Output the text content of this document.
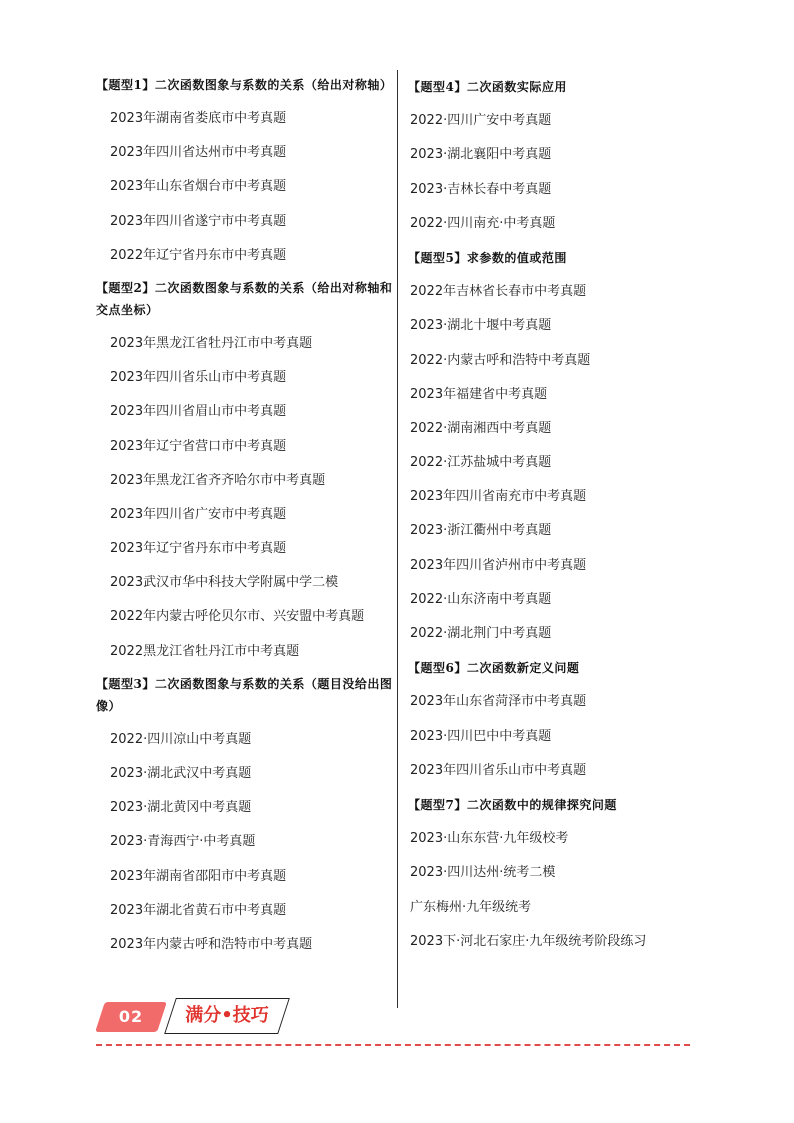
【题型1】二次函数图象与系数的关系（给出对称轴）
2023年湖南省娄底市中考真题
2023年四川省达州市中考真题
2023年山东省烟台市中考真题
2023年四川省遂宁市中考真题
2022年辽宁省丹东市中考真题
【题型2】二次函数图象与系数的关系（给出对称轴和交点坐标）
2023年黑龙江省牡丹江市中考真题
2023年四川省乐山市中考真题
2023年四川省眉山市中考真题
2023年辽宁省营口市中考真题
2023年黑龙江省齐齐哈尔市中考真题
2023年四川省广安市中考真题
2023年辽宁省丹东市中考真题
2023武汉市华中科技大学附属中学二模
2022年内蒙古呼伦贝尔市、兴安盟中考真题
2022黑龙江省牡丹江市中考真题
【题型3】二次函数图象与系数的关系（题目没给出图像）
2022·四川凉山中考真题
2023·湖北武汉中考真题
2023·湖北黄冈中考真题
2023·青海西宁·中考真题
2023年湖南省邵阳市中考真题
2023年湖北省黄石市中考真题
2023年内蒙古呼和浩特市中考真题
【题型4】二次函数实际应用
2022·四川广安中考真题
2023·湖北襄阳中考真题
2023·吉林长春中考真题
2022·四川南充·中考真题
【题型5】求参数的值或范围
2022年吉林省长春市中考真题
2023·湖北十堰中考真题
2022·内蒙古呼和浩特中考真题
2023年福建省中考真题
2022·湖南湘西中考真题
2022·江苏盐城中考真题
2023年四川省南充市中考真题
2023·浙江衢州中考真题
2023年四川省泸州市中考真题
2022·山东济南中考真题
2022·湖北荆门中考真题
【题型6】二次函数新定义问题
2023年山东省菏泽市中考真题
2023·四川巴中中考真题
2023年四川省乐山市中考真题
【题型7】二次函数中的规律探究问题
2023·山东东营·九年级校考
2023·四川达州·统考二模
广东梅州·九年级统考
2023下·河北石家庄·九年级统考阶段练习
02	满分•技巧
